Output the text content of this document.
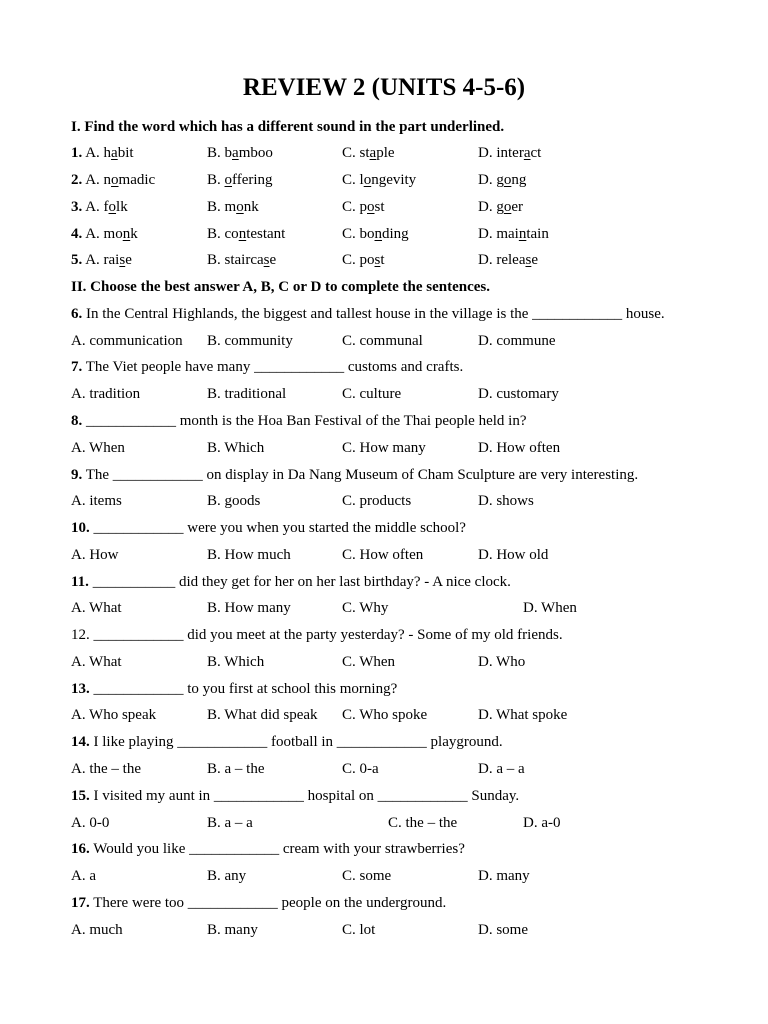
REVIEW 2 (UNITS 4-5-6)
I. Find the word which has a different sound in the part underlined.
1. A. habit	B. bamboo	C. staple	D. interact
2. A. nomadic	B. offering	C. longevity	D. gong
3. A. folk	B. monk	C. post	D. goer
4. A. monk	B. contestant	C. bonding	D. maintain
5. A. raise	B. staircase	C. post	D. release
II. Choose the best answer A, B, C or D to complete the sentences.
6. In the Central Highlands, the biggest and tallest house in the village is the ____________ house.
A. communication B. community	C. communal	D. commune
7. The Viet people have many ____________ customs and crafts.
A. tradition	B. traditional	C. culture	D. customary
8. ____________ month is the Hoa Ban Festival of the Thai people held in?
A. When	B. Which	C. How many	D. How often
9. The ____________ on display in Da Nang Museum of Cham Sculpture are very interesting.
A. items	B. goods	C. products	D. shows
10. ____________ were you when you started the middle school?
A. How	B. How much	C. How often	D. How old
11. ___________ did they get for her on her last birthday? - A nice clock.
A. What	B. How many	C. Why	D. When
12. ____________ did you meet at the party yesterday? - Some of my old friends.
A. What	B. Which	C. When	D. Who
13. ____________ to you first at school this morning?
A. Who speak	B. What did speak C. Who spoke	D. What spoke
14. I like playing ____________ football in ____________ playground.
A. the – the	B. a – the	C. 0-a	D. a – a
15. I visited my aunt in ____________ hospital on ____________ Sunday.
A. 0-0	B. a – a	C. the – the	D. a-0
16. Would you like ____________ cream with your strawberries?
A. a	B. any	C. some	D. many
17. There were too ____________ people on the underground.
A. much	B. many	C. lot	D. some
